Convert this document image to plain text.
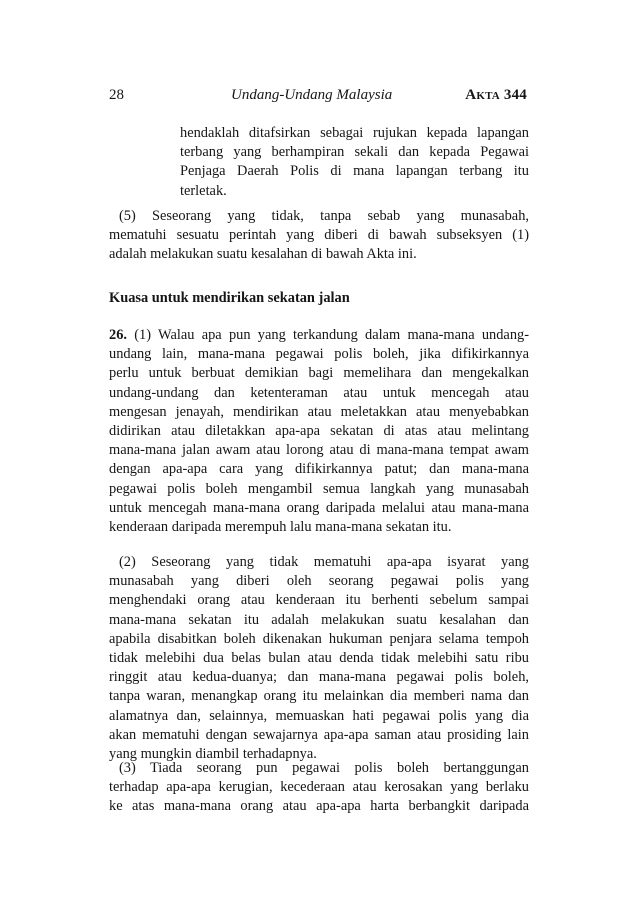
28	Undang-Undang Malaysia	AKTA 344
hendaklah ditafsirkan sebagai rujukan kepada lapangan
terbang yang berhampiran sekali dan kepada Pegawai
Penjaga Daerah Polis di mana lapangan terbang itu
terletak.
(5) Seseorang yang tidak, tanpa sebab yang munasabah,
mematuhi sesuatu perintah yang diberi di bawah subseksyen (1)
adalah melakukan suatu kesalahan di bawah Akta ini.
Kuasa untuk mendirikan sekatan jalan
26. (1) Walau apa pun yang terkandung dalam mana-mana undang-
undang lain, mana-mana pegawai polis boleh, jika difikirkannya
perlu untuk berbuat demikian bagi memelihara dan mengekalkan
undang-undang dan ketenteraman atau untuk mencegah atau
mengesan jenayah, mendirikan atau meletakkan atau menyebabkan
didirikan atau diletakkan apa-apa sekatan di atas atau melintang
mana-mana jalan awam atau lorong atau di mana-mana tempat awam
dengan apa-apa cara yang difikirkannya patut; dan mana-mana
pegawai polis boleh mengambil semua langkah yang munasabah
untuk mencegah mana-mana orang daripada melalui atau mana-mana
kenderaan daripada merempuh lalu mana-mana sekatan itu.
(2) Seseorang yang tidak mematuhi apa-apa isyarat yang
munasabah yang diberi oleh seorang pegawai polis yang
menghendaki orang atau kenderaan itu berhenti sebelum sampai
mana-mana sekatan itu adalah melakukan suatu kesalahan dan
apabila disabitkan boleh dikenakan hukuman penjara selama tempoh
tidak melebihi dua belas bulan atau denda tidak melebihi satu ribu
ringgit atau kedua-duanya; dan mana-mana pegawai polis boleh,
tanpa waran, menangkap orang itu melainkan dia memberi nama dan
alamatnya dan, selainnya, memuaskan hati pegawai polis yang dia
akan mematuhi dengan sewajarnya apa-apa saman atau prosiding lain
yang mungkin diambil terhadapnya.
(3) Tiada seorang pun pegawai polis boleh bertanggungan
terhadap apa-apa kerugian, kecederaan atau kerosakan yang berlaku
ke atas mana-mana orang atau apa-apa harta berbangkit daripada
